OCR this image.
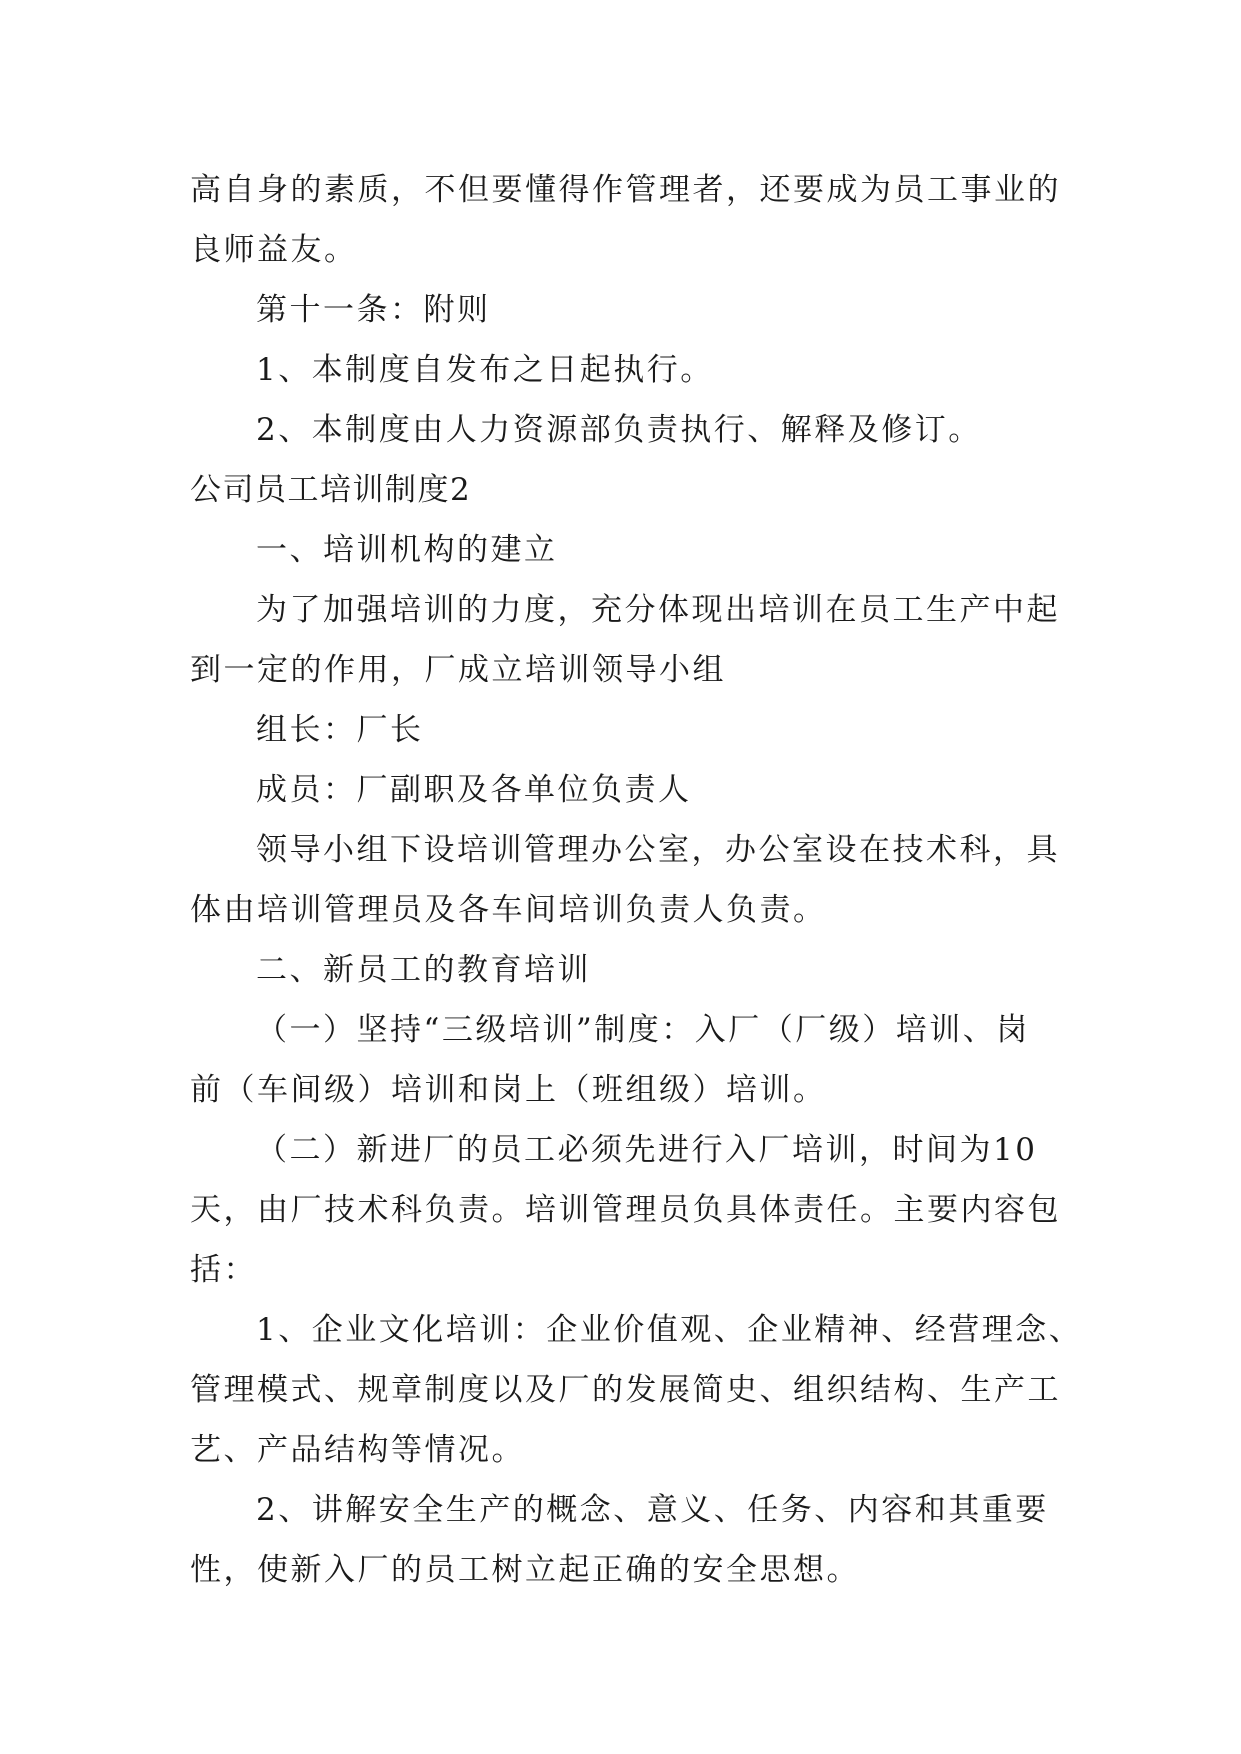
高自身的素质，不但要懂得作管理者，还要成为员工事业的
良师益友。
第十一条：附则
1、本制度自发布之日起执行。
2、本制度由人力资源部负责执行、解释及修订。
公司员工培训制度2
一、培训机构的建立
为了加强培训的力度，充分体现出培训在员工生产中起
到一定的作用，厂成立培训领导小组
组长：厂长
成员：厂副职及各单位负责人
领导小组下设培训管理办公室，办公室设在技术科，具
体由培训管理员及各车间培训负责人负责。
二、新员工的教育培训
（一）坚持“三级培训”制度：入厂（厂级）培训、岗
前（车间级）培训和岗上（班组级）培训。
（二）新进厂的员工必须先进行入厂培训，时间为10
天，由厂技术科负责。培训管理员负具体责任。主要内容包
括：
1、企业文化培训：企业价值观、企业精神、经营理念、
管理模式、规章制度以及厂的发展简史、组织结构、生产工
艺、产品结构等情况。
2、讲解安全生产的概念、意义、任务、内容和其重要
性，使新入厂的员工树立起正确的安全思想。
